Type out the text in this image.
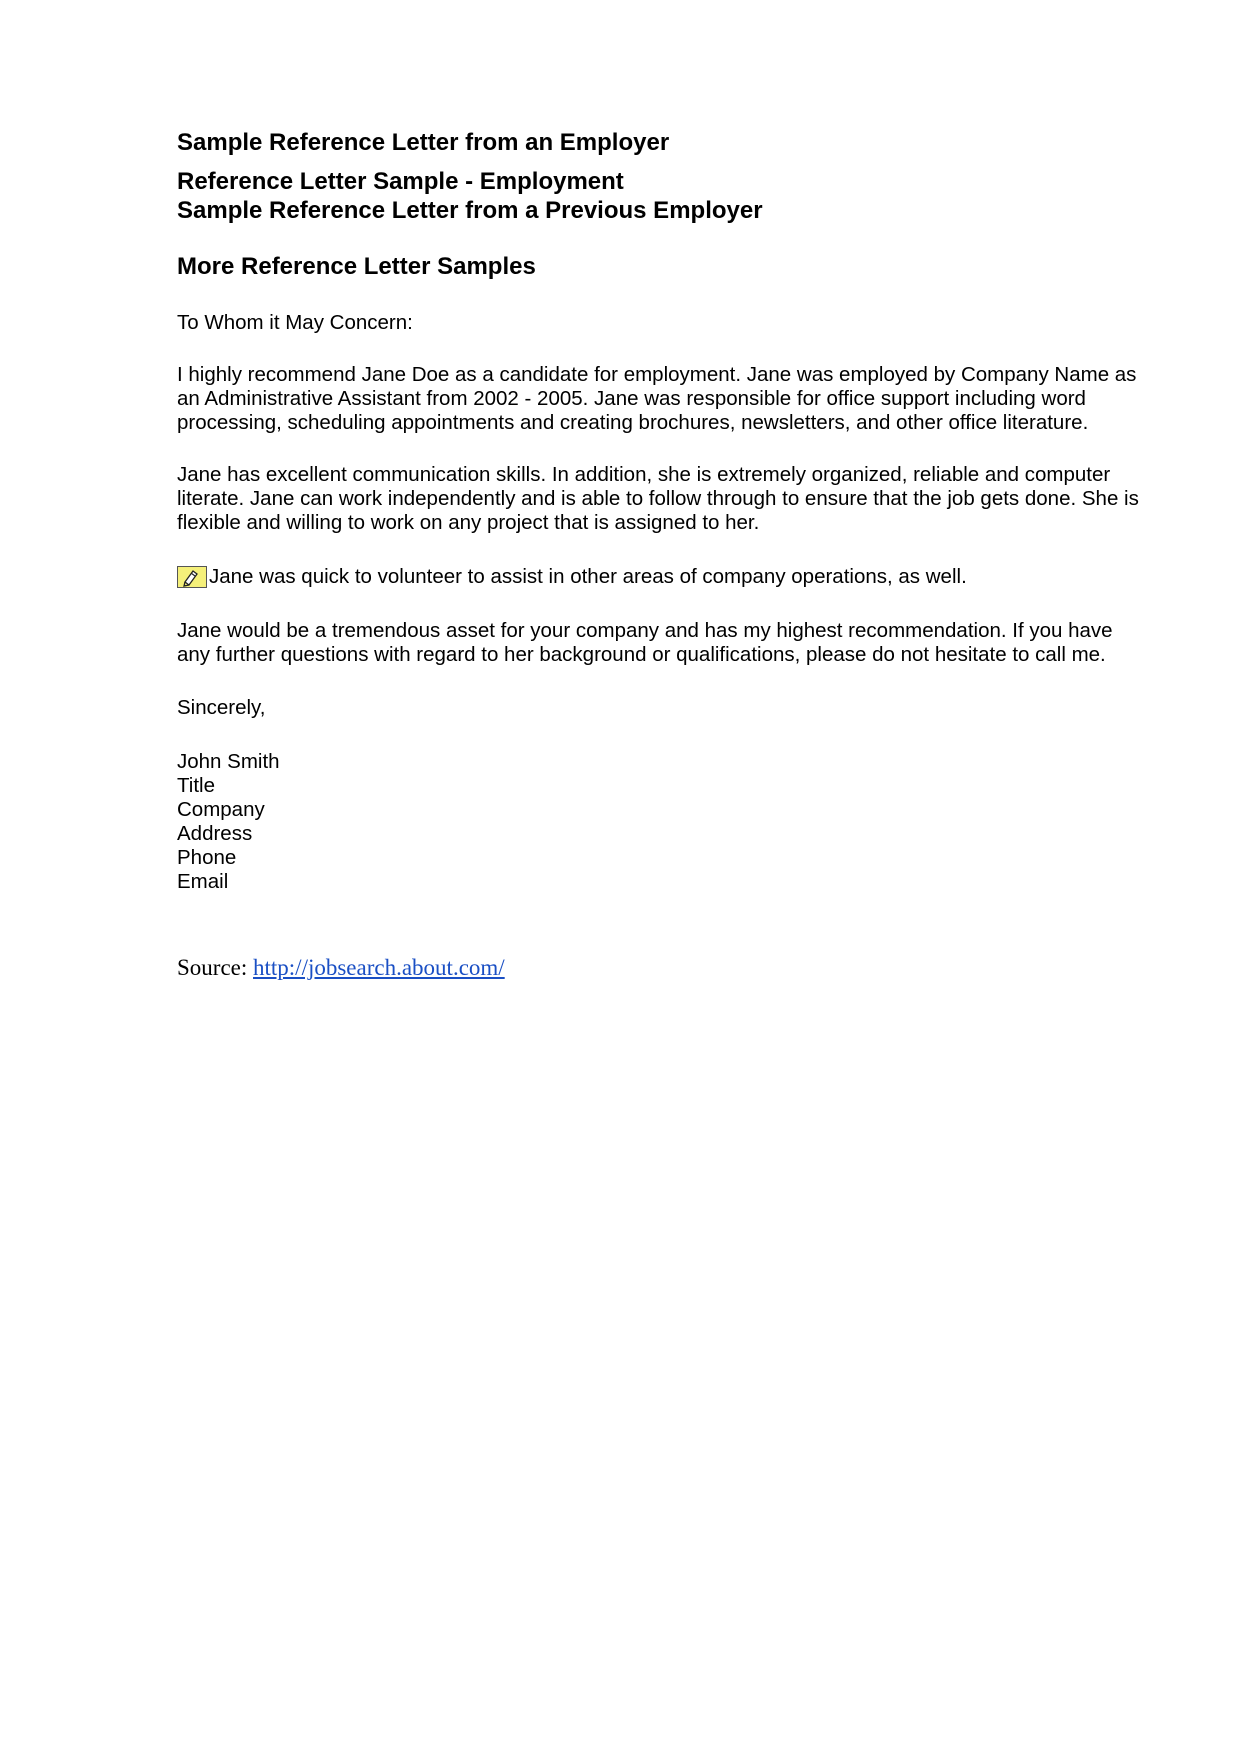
Sample Reference Letter from an Employer

Reference Letter Sample - Employment

Sample Reference Letter from a Previous Employer

More Reference Letter Samples

To Whom it May Concern:

I highly recommend Jane Doe as a candidate for employment. Jane was employed by Company Name as an Administrative Assistant from 2002 - 2005. Jane was responsible for office support including word processing, scheduling appointments and creating brochures, newsletters, and other office literature.

Jane has excellent communication skills. In addition, she is extremely organized, reliable and computer literate. Jane can work independently and is able to follow through to ensure that the job gets done. She is flexible and willing to work on any project that is assigned to her.

Jane was quick to volunteer to assist in other areas of company operations, as well.

Jane would be a tremendous asset for your company and has my highest recommendation. If you have any further questions with regard to her background or qualifications, please do not hesitate to call me.

Sincerely,

John Smith

Title

Company

Address

Phone

Email

Source: http://jobsearch.about.com/
